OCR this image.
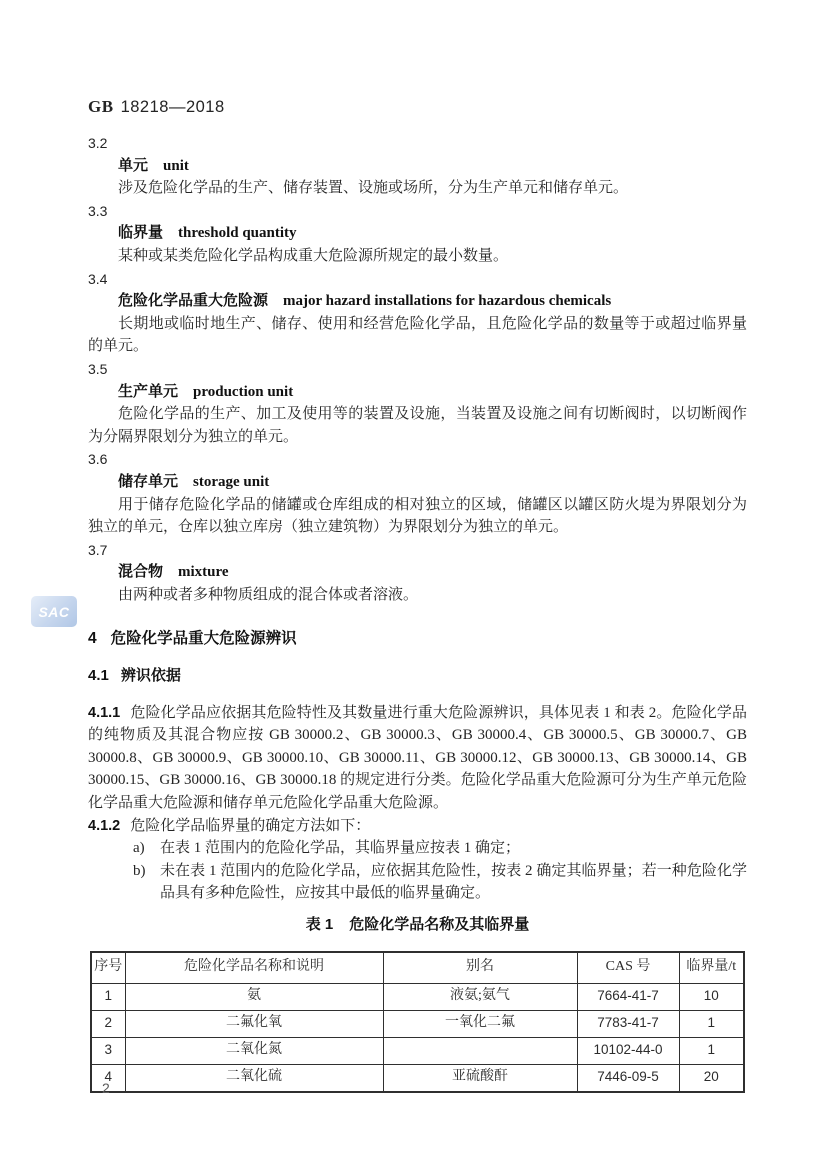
GB 18218—2018
SAC
3.2
单元 unit

涉及危险化学品的生产、储存装置、设施或场所，分为生产单元和储存单元。

3.3
临界量 threshold quantity

某种或某类危险化学品构成重大危险源所规定的最小数量。

3.4
危险化学品重大危险源 major hazard installations for hazardous chemicals

长期地或临时地生产、储存、使用和经营危险化学品，且危险化学品的数量等于或超过临界量的单元。

3.5
生产单元 production unit

危险化学品的生产、加工及使用等的装置及设施，当装置及设施之间有切断阀时，以切断阀作为分隔界限划分为独立的单元。

3.6
储存单元 storage unit

用于储存危险化学品的储罐或仓库组成的相对独立的区域，储罐区以罐区防火堤为界限划分为独立的单元，仓库以独立库房（独立建筑物）为界限划分为独立的单元。

3.7
混合物 mixture

由两种或者多种物质组成的混合体或者溶液。

4 危险化学品重大危险源辨识
4.1 辨识依据

4.1.1 危险化学品应依据其危险特性及其数量进行重大危险源辨识，具体见表 1 和表 2。危险化学品的纯物质及其混合物应按 GB 30000.2、GB 30000.3、GB 30000.4、GB 30000.5、GB 30000.7、GB 30000.8、GB 30000.9、GB 30000.10、GB 30000.11、GB 30000.12、GB 30000.13、GB 30000.14、GB 30000.15、GB 30000.16、GB 30000.18 的规定进行分类。危险化学品重大危险源可分为生产单元危险化学品重大危险源和储存单元危险化学品重大危险源。

4.1.2 危险化学品临界量的确定方法如下：

a) 在表 1 范围内的危险化学品，其临界量应按表 1 确定；

b) 未在表 1 范围内的危险化学品，应依据其危险性，按表 2 确定其临界量；若一种危险化学品具有多种危险性，应按其中最低的临界量确定。

表 1 危险化学品名称及其临界量
序号	危险化学品名称和说明	别名	CAS 号	临界量/t
1	氨	液氨;氨气	7664-41-7	10
2	二氟化氧	一氧化二氟	7783-41-7	1
3	二氧化氮		10102-44-0	1
4	二氧化硫	亚硫酸酐	7446-09-5	20
2
